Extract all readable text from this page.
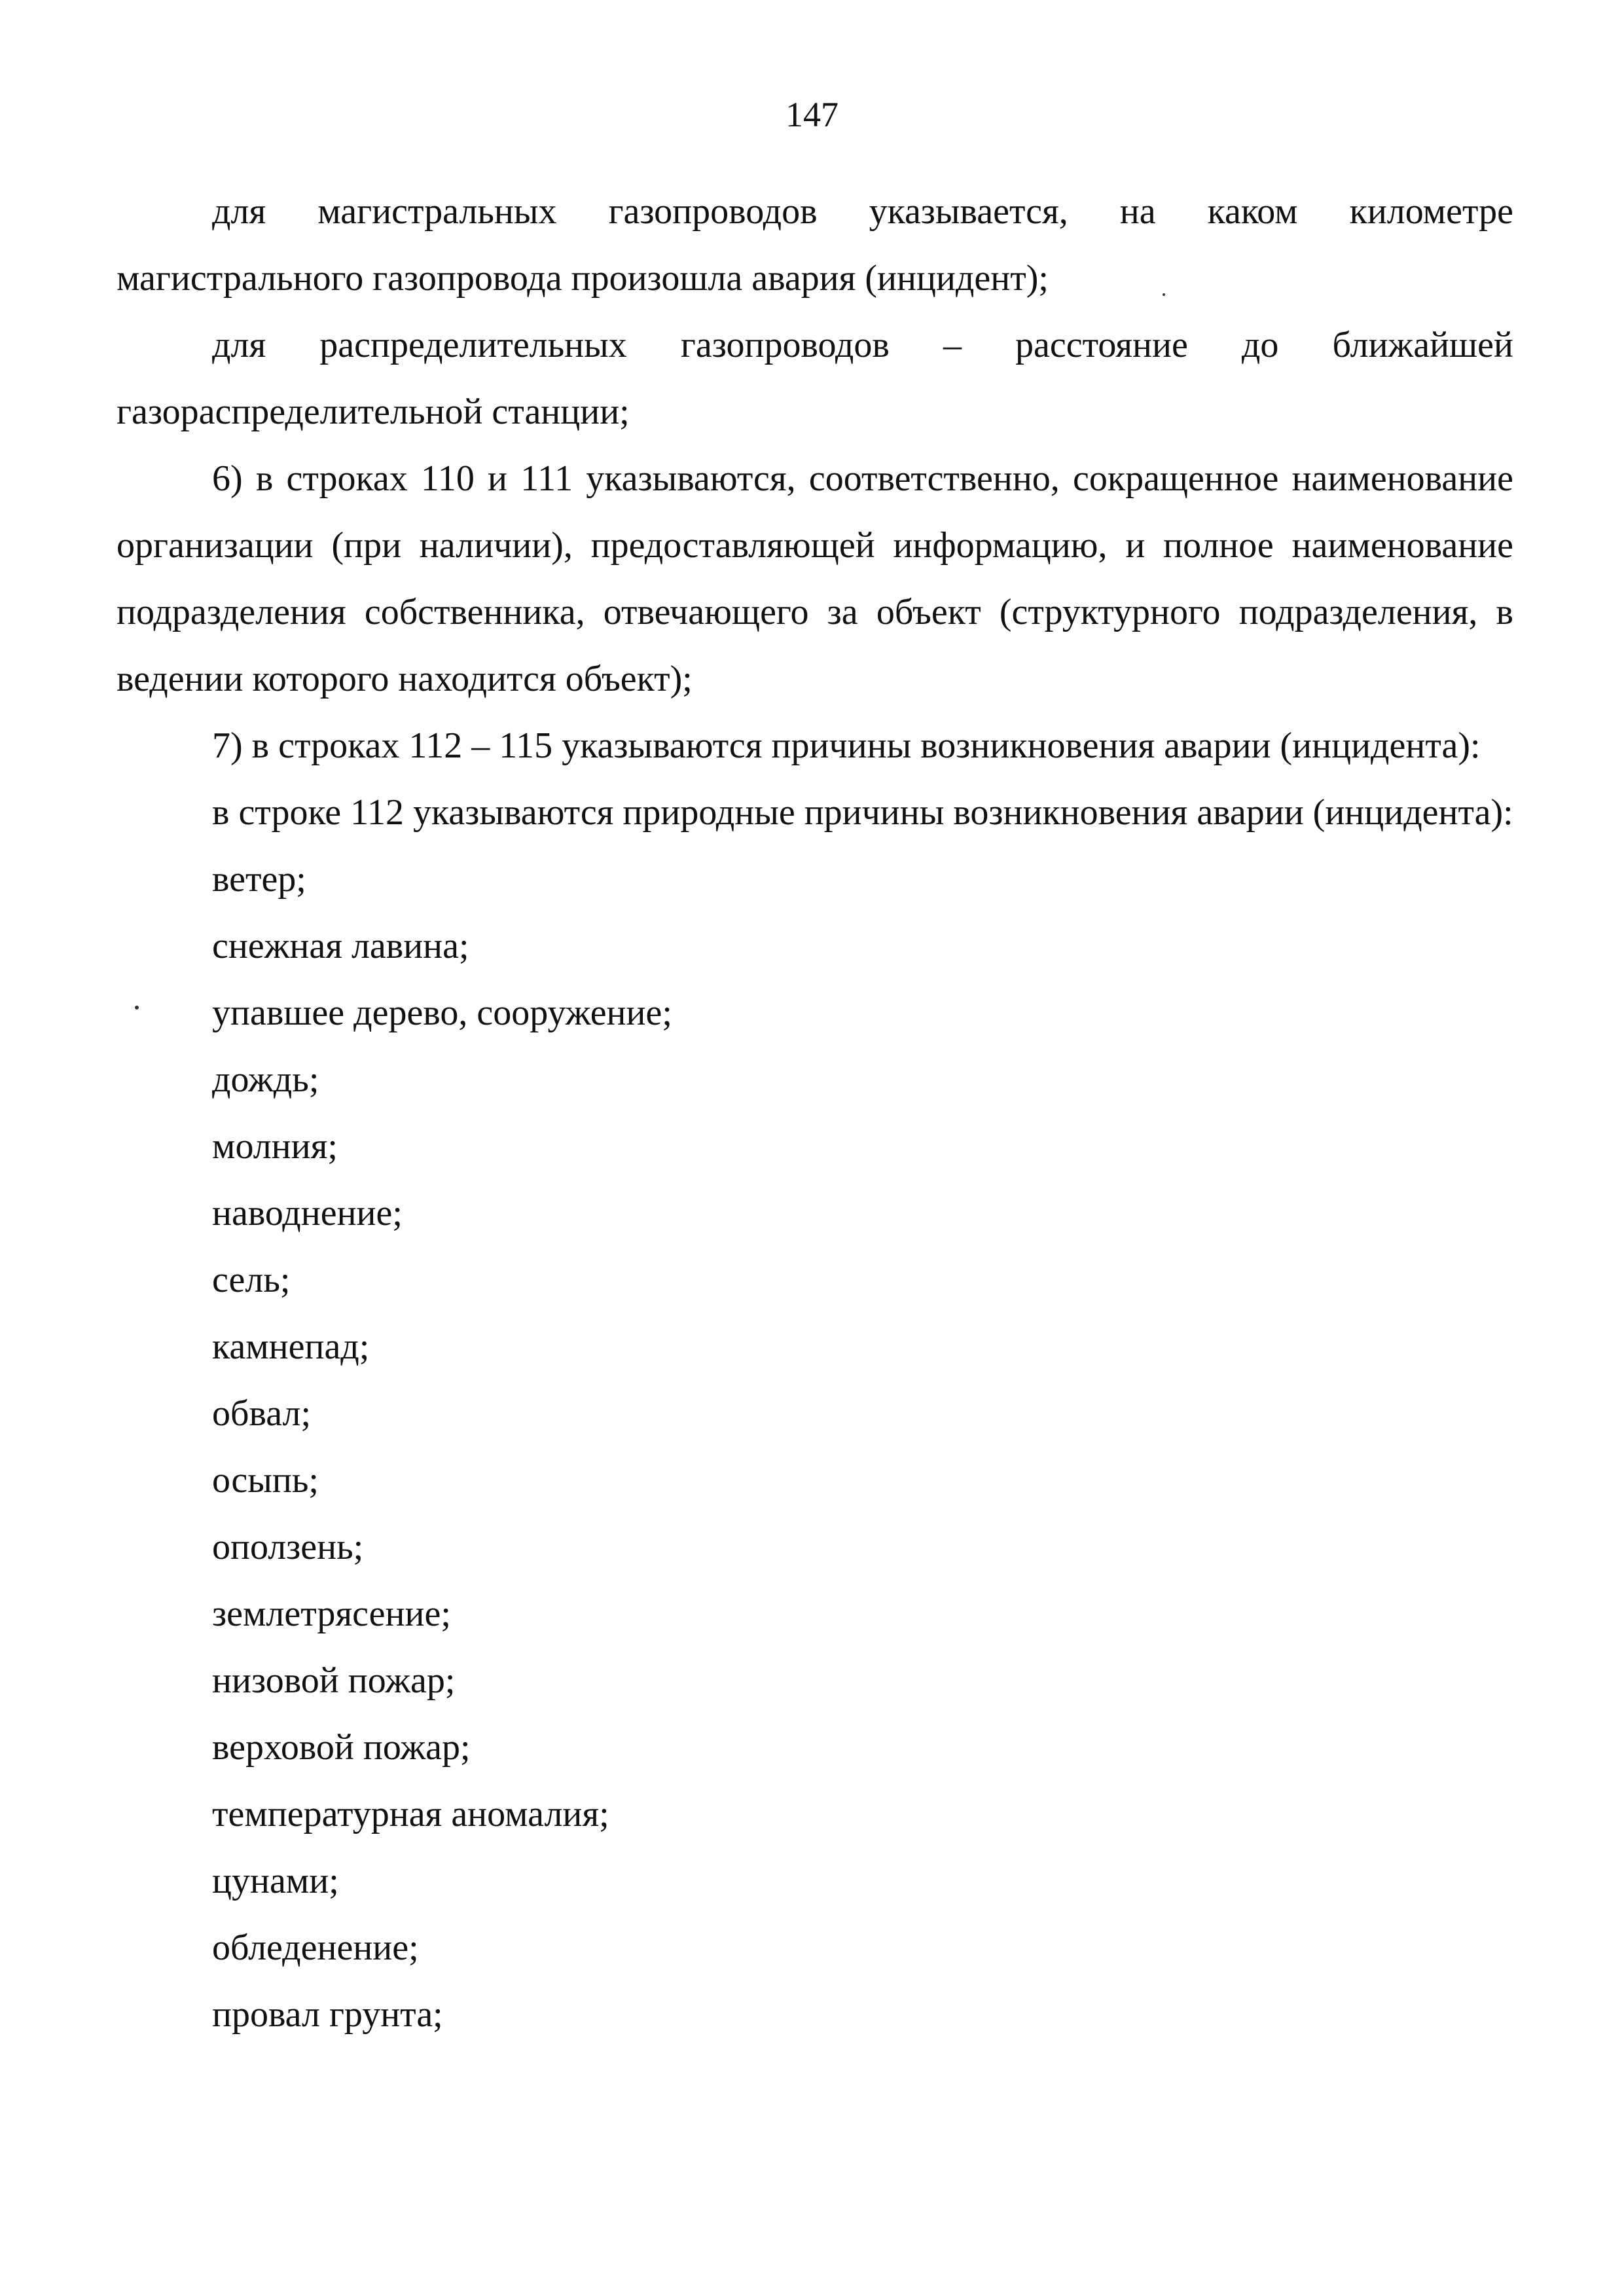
147

для магистральных газопроводов указывается, на каком километре магистрального газопровода произошла авария (инцидент);

для распределительных газопроводов – расстояние до ближайшей газораспределительной станции;

6) в строках 110 и 111 указываются, соответственно, сокращенное наименование организации (при наличии), предоставляющей информацию, и полное наименование подразделения собственника, отвечающего за объект (структурного подразделения, в ведении которого находится объект);

7) в строках 112 – 115 указываются причины возникновения аварии (инцидента):

в строке 112 указываются природные причины возникновения аварии (инцидента):

ветер;
снежная лавина;
упавшее дерево, сооружение;
дождь;
молния;
наводнение;
сель;
камнепад;
обвал;
осыпь;
оползень;
землетрясение;
низовой пожар;
верховой пожар;
температурная аномалия;
цунами;
обледенение;
провал грунта;
